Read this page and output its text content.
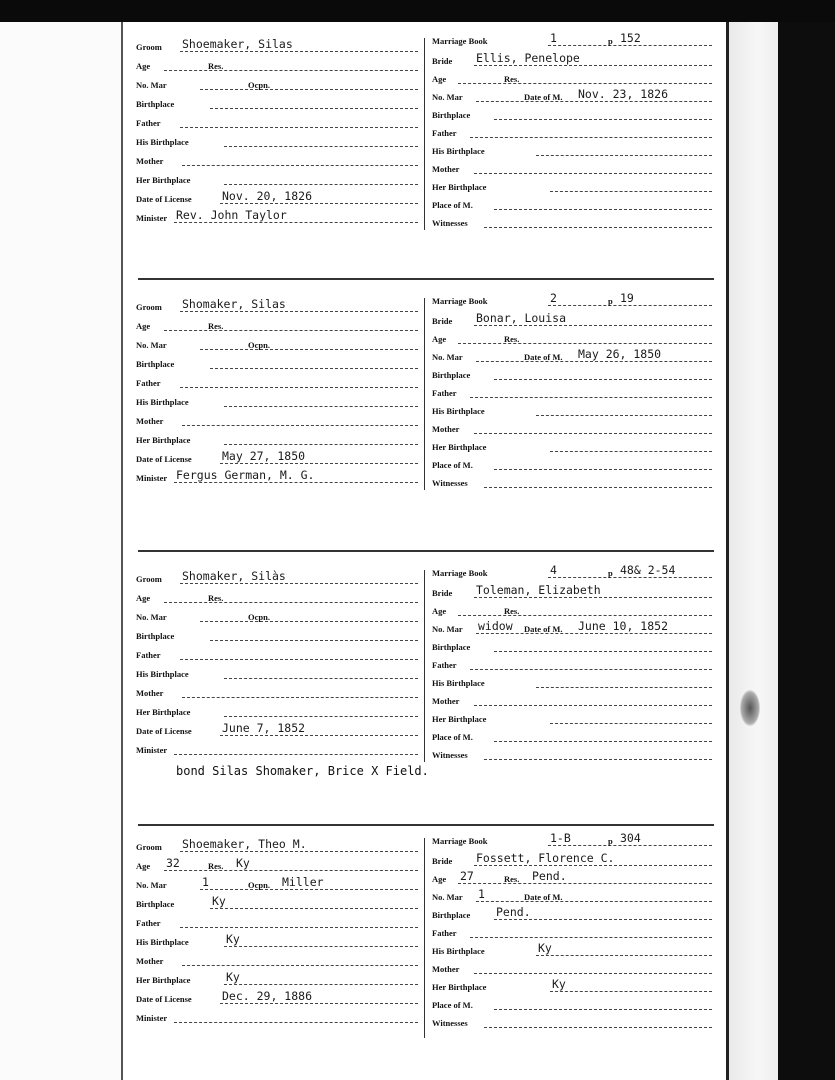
Groom Shoemaker, Silas
Age	Res.
No. Mar	Ocpn.
Birthplace
Father
His Birthplace
Mother
Her Birthplace
Date of License	Nov. 20, 1826
Minister Rev. John Taylor
Marriage Book	1	p 152
Bride Ellis, Penelope
Age	Res.
No. Mar	Date of M. Nov. 23, 1826
Birthplace
Father
His Birthplace
Mother
Her Birthplace
Place of M.
Witnesses
Groom Shomaker, Silas
Age	Res.
No. Mar	Ocpn.
Birthplace
Father
His Birthplace
Mother
Her Birthplace
Date of License	May 27, 1850
Minister Fergus German, M. G.
Marriage Book	2	p 19
Bride Bonar, Louisa
Age	Res.
No. Mar	Date of M. May 26, 1850
Birthplace
Father
His Birthplace
Mother
Her Birthplace
Place of M.
Witnesses
Groom Shomaker, Silàs
Age	Res.
No. Mar	Ocpn.
Birthplace
Father
His Birthplace
Mother
Her Birthplace
Date of License	June 7, 1852
Minister
Marriage Book	4	p 48& 2-54
Bride Toleman, Elizabeth
Age	Res.
No. Mar widow Date of M. June 10, 1852
Birthplace
Father
His Birthplace
Mother
Her Birthplace
Place of M.
Witnesses
bond Silas Shomaker, Brice X Field.
Groom Shoemaker, Theo M.
Age 32	Res. Ky
No. Mar	1	Ocpn. Miller
Birthplace	Ky
Father
His Birthplace	Ky
Mother
Her Birthplace	Ky
Date of License	Dec. 29, 1886
Minister
Marriage Book	1-B	p 304
Bride Fossett, Florence C.
Age 27	Res. Pend.
No. Mar 1	Date of M.
Birthplace Pend.
Father
His Birthplace	Ky
Mother
Her Birthplace	Ky
Place of M.
Witnesses
